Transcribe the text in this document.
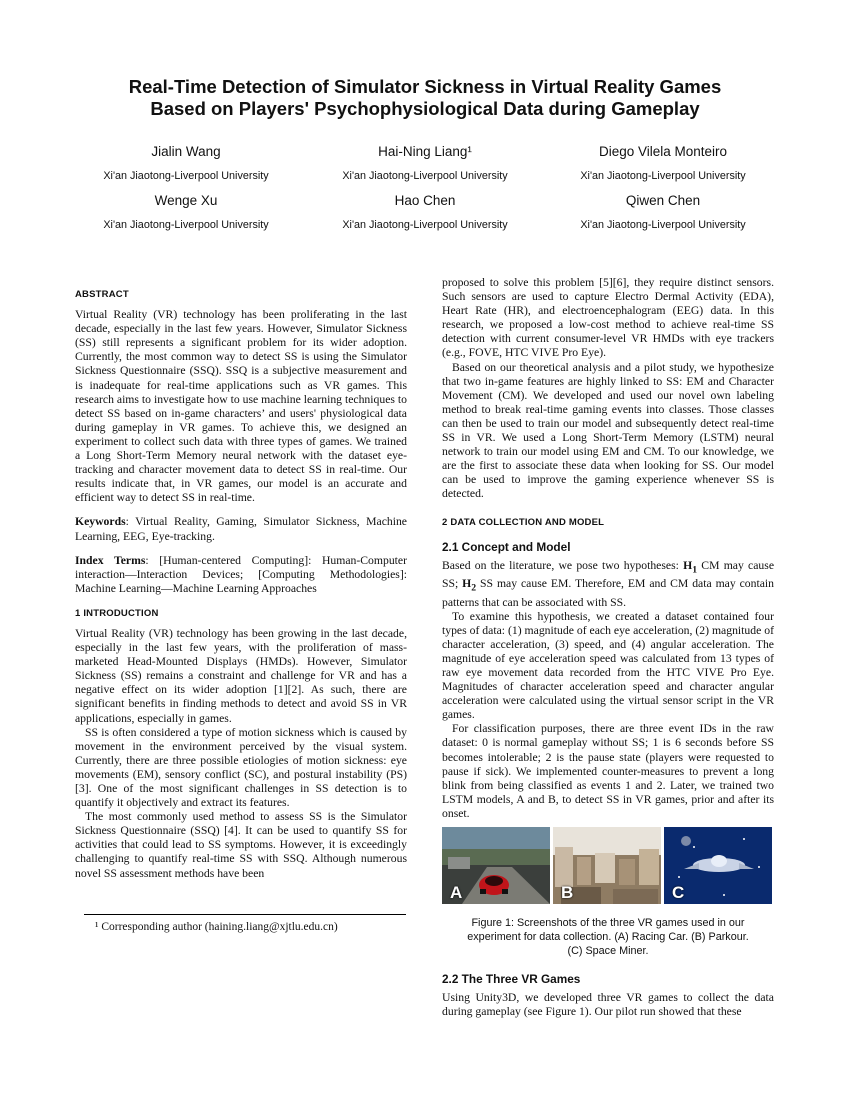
Real-Time Detection of Simulator Sickness in Virtual Reality Games
Based on Players' Psychophysiological Data during Gameplay
Jialin Wang
Xi'an Jiaotong-Liverpool University
Hai-Ning Liang¹
Xi'an Jiaotong-Liverpool University
Diego Vilela Monteiro
Xi'an Jiaotong-Liverpool University
Wenge Xu
Xi'an Jiaotong-Liverpool University
Hao Chen
Xi'an Jiaotong-Liverpool University
Qiwen Chen
Xi'an Jiaotong-Liverpool University
ABSTRACT

Virtual Reality (VR) technology has been proliferating in the last decade, especially in the last few years. However, Simulator Sickness (SS) still represents a significant problem for its wider adoption. Currently, the most common way to detect SS is using the Simulator Sickness Questionnaire (SSQ). SSQ is a subjective measurement and is inadequate for real-time applications such as VR games. This research aims to investigate how to use machine learning techniques to detect SS based on in-game characters’ and users' physiological data during gameplay in VR games. To achieve this, we designed an experiment to collect such data with three types of games. We trained a Long Short-Term Memory neural network with the dataset eye-tracking and character movement data to detect SS in real-time. Our results indicate that, in VR games, our model is an accurate and efficient way to detect SS in real-time.

Keywords: Virtual Reality, Gaming, Simulator Sickness, Machine Learning, EEG, Eye-tracking.

Index Terms: [Human-centered Computing]: Human-Computer interaction—Interaction Devices; [Computing Methodologies]: Machine Learning—Machine Learning Approaches

1 INTRODUCTION

Virtual Reality (VR) technology has been growing in the last decade, especially in the last few years, with the proliferation of mass-marketed Head-Mounted Displays (HMDs). However, Simulator Sickness (SS) remains a constraint and challenge for VR and has a negative effect on its wider adoption [1][2]. As such, there are significant benefits in finding methods to detect and avoid SS in VR applications, especially in games.

SS is often considered a type of motion sickness which is caused by movement in the environment perceived by the visual system. Currently, there are three possible etiologies of motion sickness: eye movements (EM), sensory conflict (SC), and postural instability (PS) [3]. One of the most significant challenges in SS detection is to quantify it objectively and extract its features.

The most commonly used method to assess SS is the Simulator Sickness Questionnaire (SSQ) [4]. It can be used to quantify SS for activities that could lead to SS symptoms. However, it is exceedingly challenging to quantify real-time SS with SSQ. Although numerous novel SS assessment methods have been

¹ Corresponding author (haining.liang@xjtlu.edu.cn)

proposed to solve this problem [5][6], they require distinct sensors. Such sensors are used to capture Electro Dermal Activity (EDA), Heart Rate (HR), and electroencephalogram (EEG) data. In this research, we proposed a low-cost method to achieve real-time SS detection with current consumer-level VR HMDs with eye trackers (e.g., FOVE, HTC VIVE Pro Eye).

Based on our theoretical analysis and a pilot study, we hypothesize that two in-game features are highly linked to SS: EM and Character Movement (CM). We developed and used our novel own labeling method to break real-time gaming events into classes. Those classes can then be used to train our model and subsequently detect real-time SS in VR. We used a Long Short-Term Memory (LSTM) neural network to train our model using EM and CM. To our knowledge, we are the first to associate these data when looking for SS. Our model can be used to improve the gaming experience whenever SS is detected.

2 DATA COLLECTION AND MODEL
2.1 Concept and Model

Based on the literature, we pose two hypotheses: $H_1$ CM may cause SS; $H_2$ SS may cause EM. Therefore, EM and CM data may contain patterns that can be associated with SS.

To examine this hypothesis, we created a dataset contained four types of data: (1) magnitude of each eye acceleration, (2) magnitude of character acceleration, (3) speed, and (4) angular acceleration. The magnitude of eye acceleration speed was calculated from 13 types of raw eye movement data recorded from the HTC VIVE Pro Eye. Magnitudes of character acceleration speed and character angular acceleration were calculated using the virtual sensor script in the VR games.

For classification purposes, there are three event IDs in the raw dataset: 0 is normal gameplay without SS; 1 is 6 seconds before SS becomes intolerable; 2 is the pause state (players were requested to pause if sick). We implemented counter-measures to prevent a long blink from being classified as events 1 and 2. Later, we trained two LSTM models, A and B, to detect SS in VR games, prior and after its onset.

A	B	C
Figure 1: Screenshots of the three VR games used in our
experiment for data collection. (A) Racing Car. (B) Parkour.
(C) Space Miner.
2.2 The Three VR Games

Using Unity3D, we developed three VR games to collect the data during gameplay (see Figure 1). Our pilot run showed that these
